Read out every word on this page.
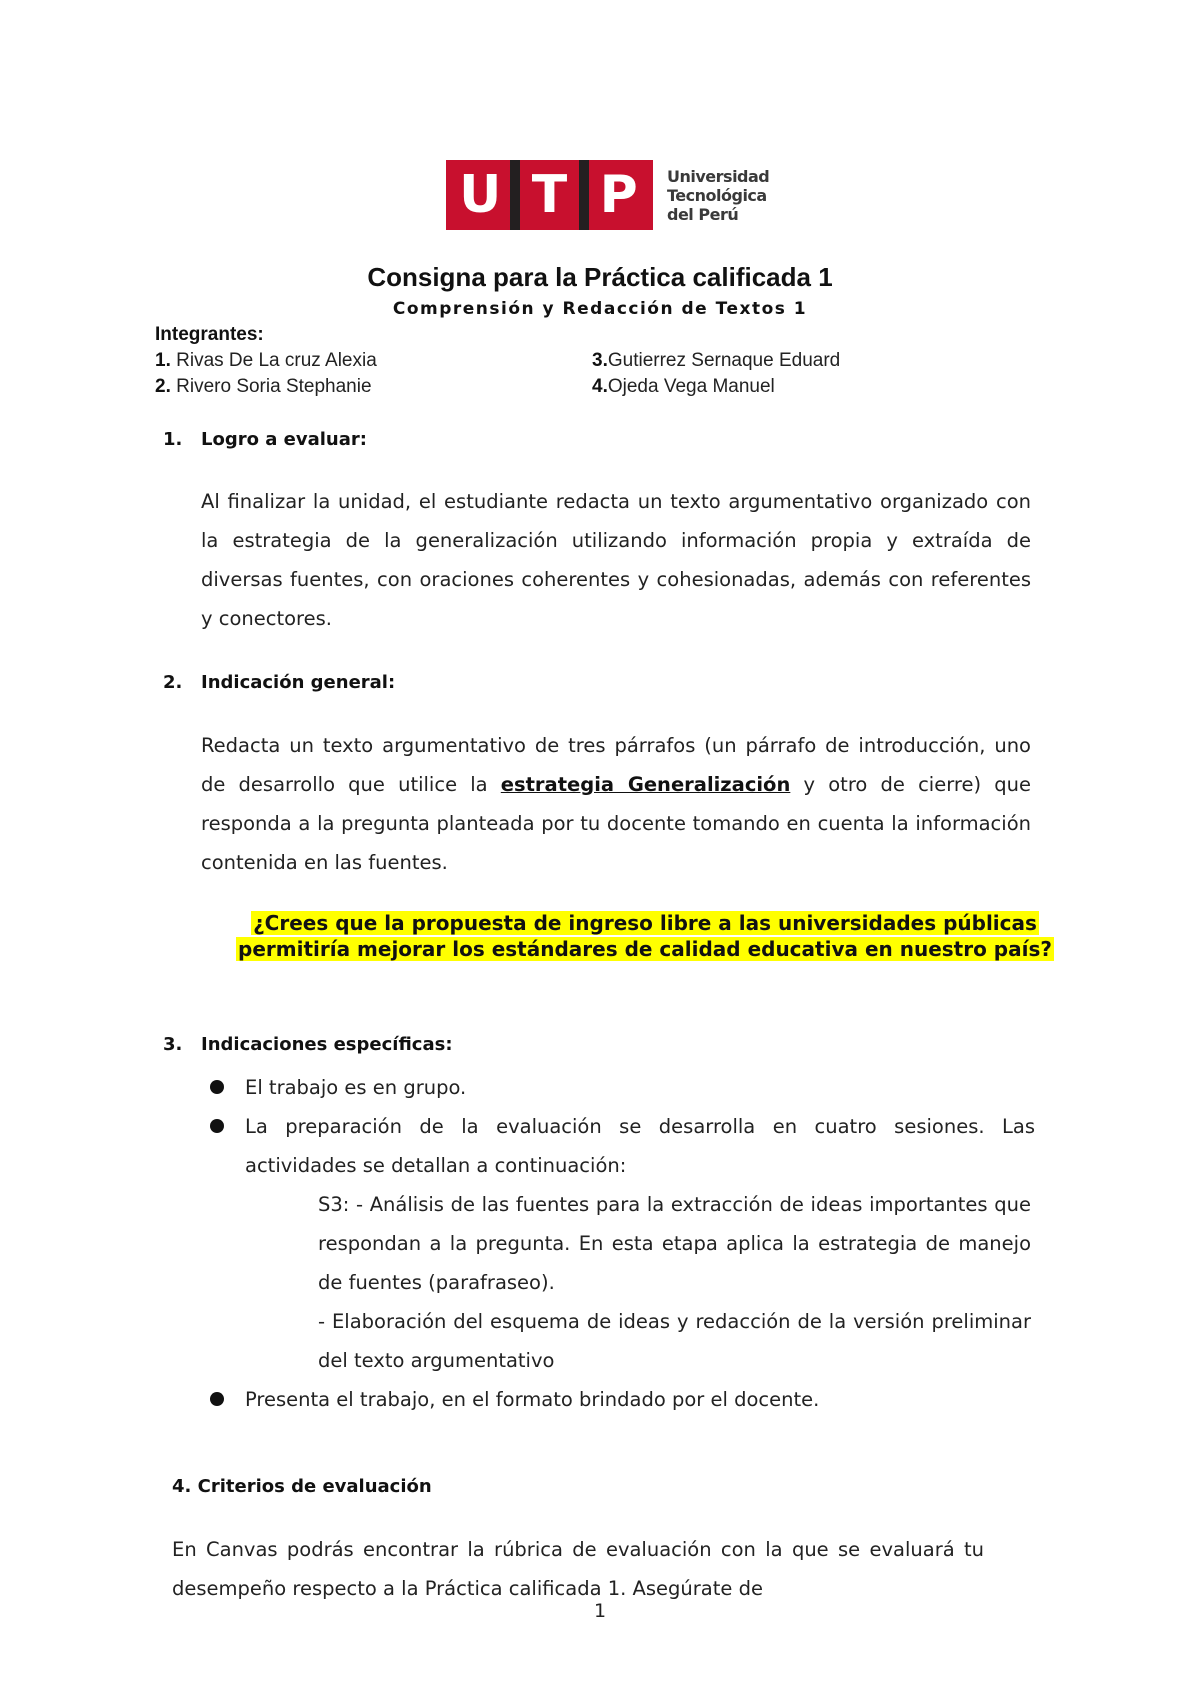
U T P	Universidad
Tecnológica
del Perú
Consigna para la Práctica calificada 1
Comprensión y Redacción de Textos 1
Integrantes:
1. Rivas De La cruz Alexia
2. Rivero Soria Stephanie
3.Gutierrez Sernaque Eduard
4.Ojeda Vega Manuel
1. Logro a evaluar:

Al finalizar la unidad, el estudiante redacta un texto argumentativo organizado con la estrategia de la generalización utilizando información propia y extraída de diversas fuentes, con oraciones coherentes y cohesionadas, además con referentes y conectores.

2. Indicación general:

Redacta un texto argumentativo de tres párrafos (un párrafo de introducción, uno de desarrollo que utilice la estrategia Generalización y otro de cierre) que responda a la pregunta planteada por tu docente tomando en cuenta la información contenida en las fuentes.

¿Crees que la propuesta de ingreso libre a las universidades públicas permitiría mejorar los estándares de calidad educativa en nuestro país?
3. Indicaciones específicas:

El trabajo es en grupo.

La preparación de la evaluación se desarrolla en cuatro sesiones. Las actividades se detallan a continuación:

S3: - Análisis de las fuentes para la extracción de ideas importantes que respondan a la pregunta. En esta etapa aplica la estrategia de manejo de fuentes (parafraseo).

- Elaboración del esquema de ideas y redacción de la versión preliminar del texto argumentativo

Presenta el trabajo, en el formato brindado por el docente.

4. Criterios de evaluación

En Canvas podrás encontrar la rúbrica de evaluación con la que se evaluará tu desempeño respecto a la Práctica calificada 1. Asegúrate de

1
